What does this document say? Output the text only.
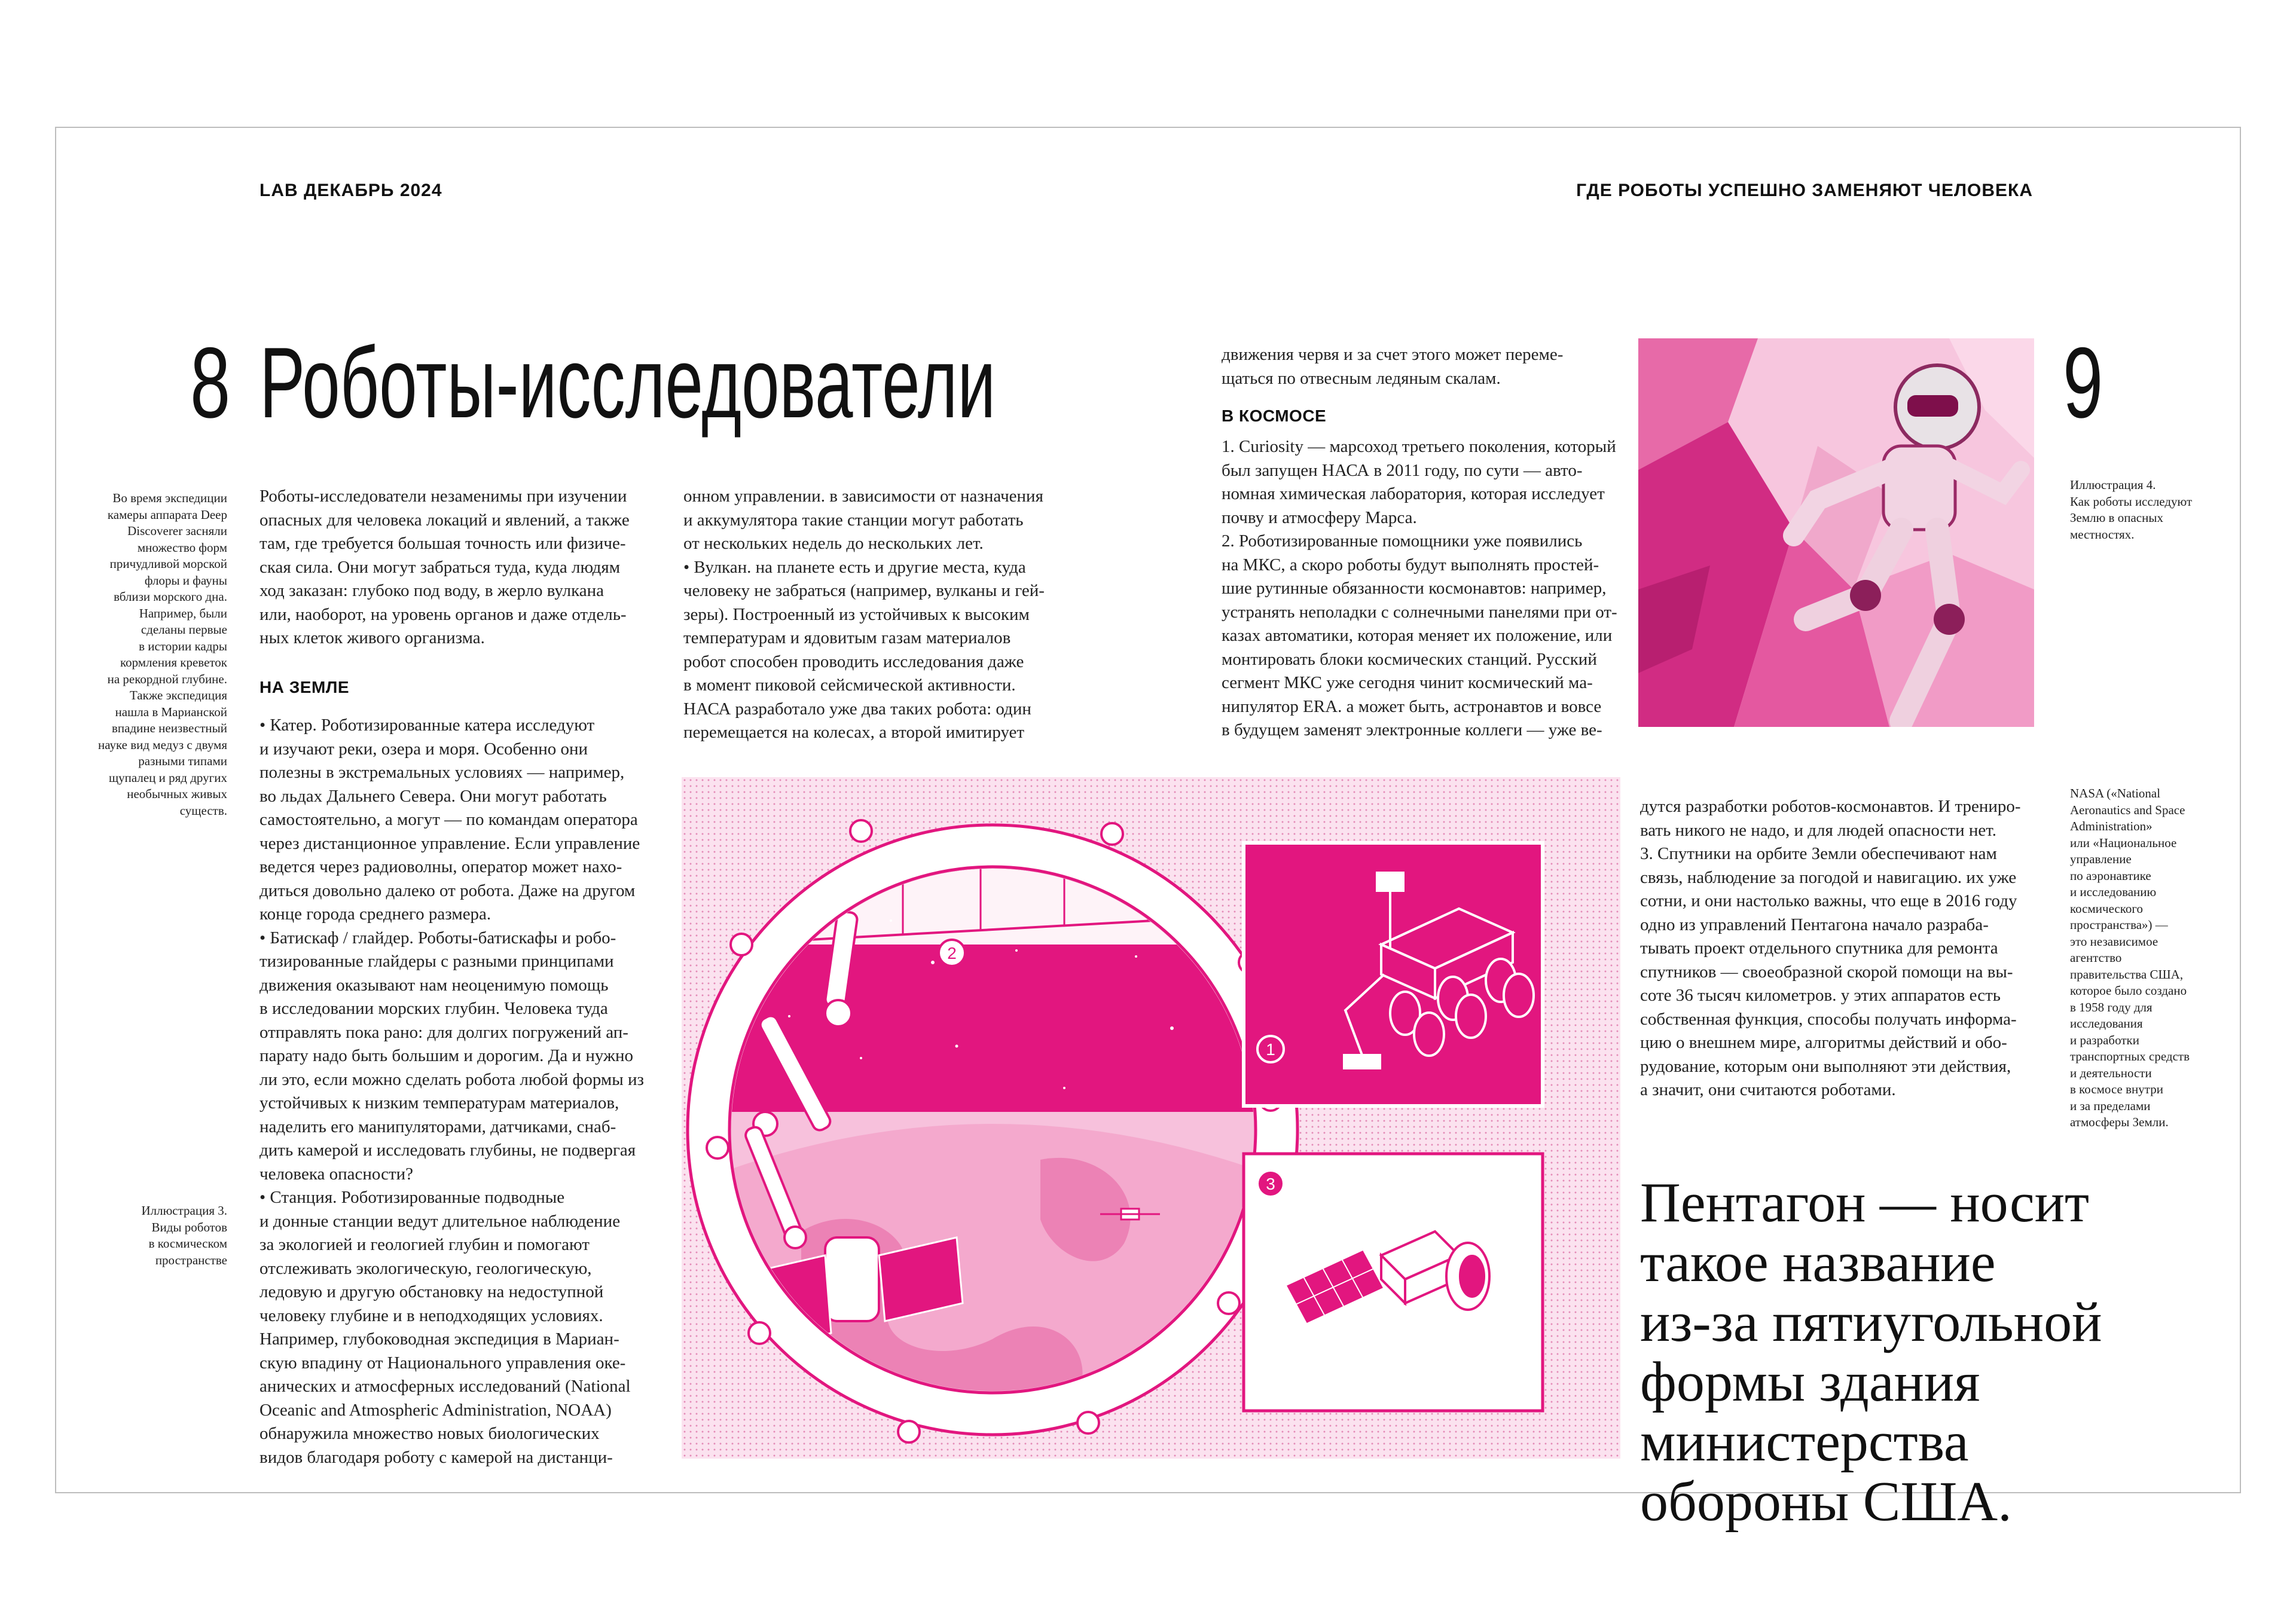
LAB ДЕКАБРЬ 2024	ГДЕ РОБОТЫ УСПЕШНО ЗАМЕНЯЮТ ЧЕЛОВЕКА
8 Роботы-исследователи	9
Во время экспедиции
камеры аппарата Deep
Discoverer засняли
множество форм
причудливой морской
флоры и фауны
вблизи морского дна.
Например, были
сделаны первые
в истории кадры
кормления креветок
на рекордной глубине.
Также экспедиция
нашла в Марианской
впадине неизвестный
науке вид медуз с двумя
разными типами
щупалец и ряд других
необычных живых
существ.
Иллюстрация 3.
Виды роботов
в космическом
пространстве
Роботы-исследователи незаменимы при изучении
опасных для человека локаций и явлений, а также
там, где требуется большая точность или физиче-
ская сила. Они могут забраться туда, куда людям
ход заказан: глубоко под воду, в жерло вулкана
или, наоборот, на уровень органов и даже отдель-
ных клеток живого организма.
НА ЗЕМЛЕ
• Катер. Роботизированные катера исследуют
и изучают реки, озера и моря. Особенно они
полезны в экстремальных условиях — например,
во льдах Дальнего Севера. Они могут работать
самостоятельно, а могут — по командам оператора
через дистанционное управление. Если управление
ведется через радиоволны, оператор может нахо-
диться довольно далеко от робота. Даже на другом
конце города среднего размера.
• Батискаф / глайдер. Роботы-батискафы и робо-
тизированные глайдеры с разными принципами
движения оказывают нам неоценимую помощь
в исследовании морских глубин. Человека туда
отправлять пока рано: для долгих погружений ап-
парату надо быть большим и дорогим. Да и нужно
ли это, если можно сделать робота любой формы из
устойчивых к низким температурам материалов,
наделить его манипуляторами, датчиками, снаб-
дить камерой и исследовать глубины, не подвергая
человека опасности?
• Станция. Роботизированные подводные
и донные станции ведут длительное наблюдение
за экологией и геологией глубин и помогают
отслеживать экологическую, геологическую,
ледовую и другую обстановку на недоступной
человеку глубине и в неподходящих условиях.
Например, глубоководная экспедиция в Мариан-
скую впадину от Национального управления оке-
анических и атмосферных исследований (National
Oceanic and Atmospheric Administration, NOAA)
обнаружила множество новых биологических
видов благодаря роботу с камерой на дистанци-
онном управлении. в зависимости от назначения
и аккумулятора такие станции могут работать
от нескольких недель до нескольких лет.
• Вулкан. на планете есть и другие места, куда
человеку не забраться (например, вулканы и гей-
зеры). Построенный из устойчивых к высоким
температурам и ядовитым газам материалов
робот способен проводить исследования даже
в момент пиковой сейсмической активности.
НАСА разработало уже два таких робота: один
перемещается на колесах, а второй имитирует
движения червя и за счет этого может переме-
щаться по отвесным ледяным скалам.
В КОСМОСЕ
1. Curiosity — марсоход третьего поколения, который
был запущен НАСА в 2011 году, по сути — авто-
номная химическая лаборатория, которая исследует
почву и атмосферу Марса.
2. Роботизированные помощники уже появились
на МКС, а скоро роботы будут выполнять простей-
шие рутинные обязанности космонавтов: например,
устранять неполадки с солнечными панелями при от-
казах автоматики, которая меняет их положение, или
монтировать блоки космических станций. Русский
сегмент МКС уже сегодня чинит космический ма-
нипулятор ERA. а может быть, астронавтов и вовсе
в будущем заменят электронные коллеги — уже ве-
дутся разработки роботов-космонавтов. И трениро-
вать никого не надо, и для людей опасности нет.
3. Спутники на орбите Земли обеспечивают нам
связь, наблюдение за погодой и навигацию. их уже
сотни, и они настолько важны, что еще в 2016 году
одно из управлений Пентагона начало разраба-
тывать проект отдельного спутника для ремонта
спутников — своеобразной скорой помощи на вы-
соте 36 тысяч километров. у этих аппаратов есть
собственная функция, способы получать информа-
цию о внешнем мире, алгоритмы действий и обо-
рудование, которым они выполняют эти действия,
а значит, они считаются роботами.
Иллюстрация 4.
Как роботы исследуют
Землю в опасных
местностях.
NASA («National
Aeronautics and Space
Administration»
или «Национальное
управление
по аэронавтике
и исследованию
космического
пространства») —
это независимое
агентство
правительства США,
которое было создано
в 1958 году для
исследования
и разработки
транспортных средств
и деятельности
в космосе внутри
и за пределами
атмосферы Земли.
Пентагон — носит
такое название
из-за пятиугольной
формы здания
министерства
обороны США.
2
1
3
